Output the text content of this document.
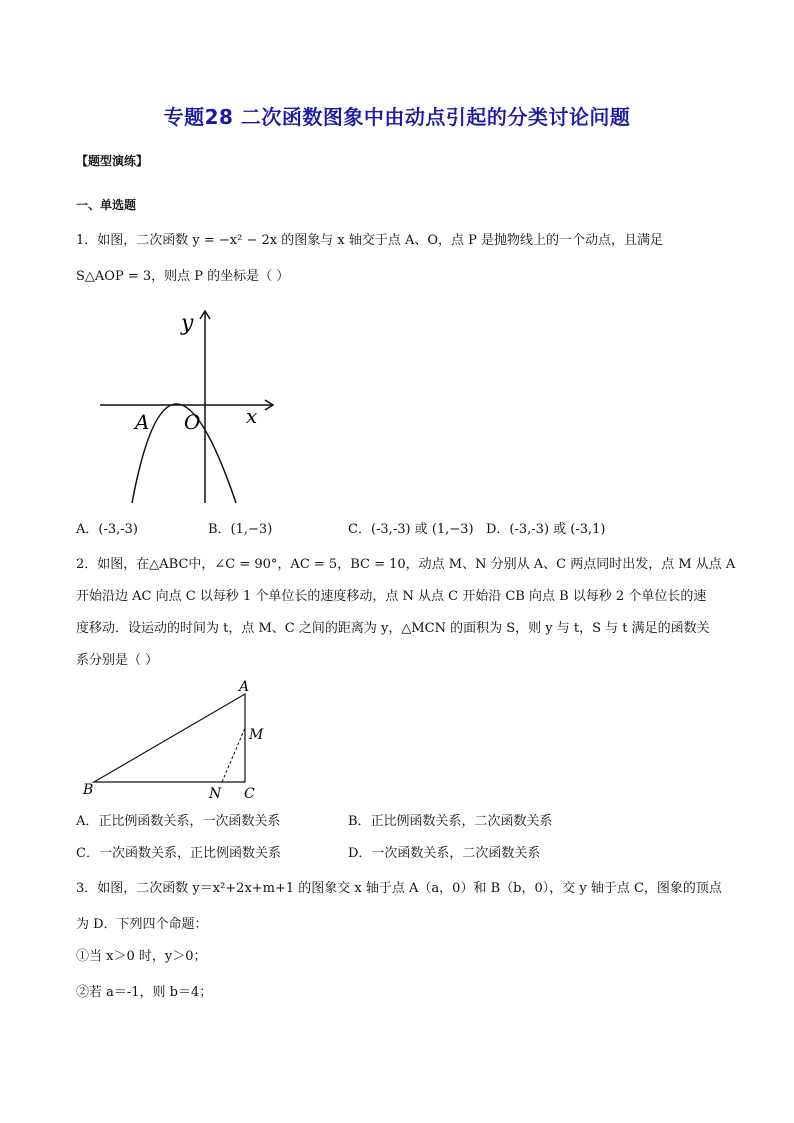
专题28 二次函数图象中由动点引起的分类讨论问题
【题型演练】
一、单选题
1．如图，二次函数 y = −x² − 2x 的图象与 x 轴交于点 A、O，点 P 是抛物线上的一个动点，且满足
S△AOP = 3，则点 P 的坐标是（ ）
y
x
A O
A．(-3,-3)	B．(1,−3)	C．(-3,-3) 或 (1,−3) D．(-3,-3) 或 (-3,1)
2．如图，在△ABC中，∠C = 90°，AC = 5，BC = 10，动点 M、N 分别从 A、C 两点同时出发，点 M 从点 A
开始沿边 AC 向点 C 以每秒 1 个单位长的速度移动，点 N 从点 C 开始沿 CB 向点 B 以每秒 2 个单位长的速
度移动．设运动的时间为 t，点 M、C 之间的距离为 y，△MCN 的面积为 S，则 y 与 t，S 与 t 满足的函数关
系分别是（ ）
A
B	C
M
N
A．正比例函数关系，一次函数关系	B．正比例函数关系，二次函数关系
C．一次函数关系，正比例函数关系	D．一次函数关系，二次函数关系
3．如图，二次函数 y＝x²+2x+m+1 的图象交 x 轴于点 A（a，0）和 B（b，0），交 y 轴于点 C，图象的顶点
为 D．下列四个命题：
①当 x＞0 时，y＞0；
②若 a＝-1，则 b＝4；
